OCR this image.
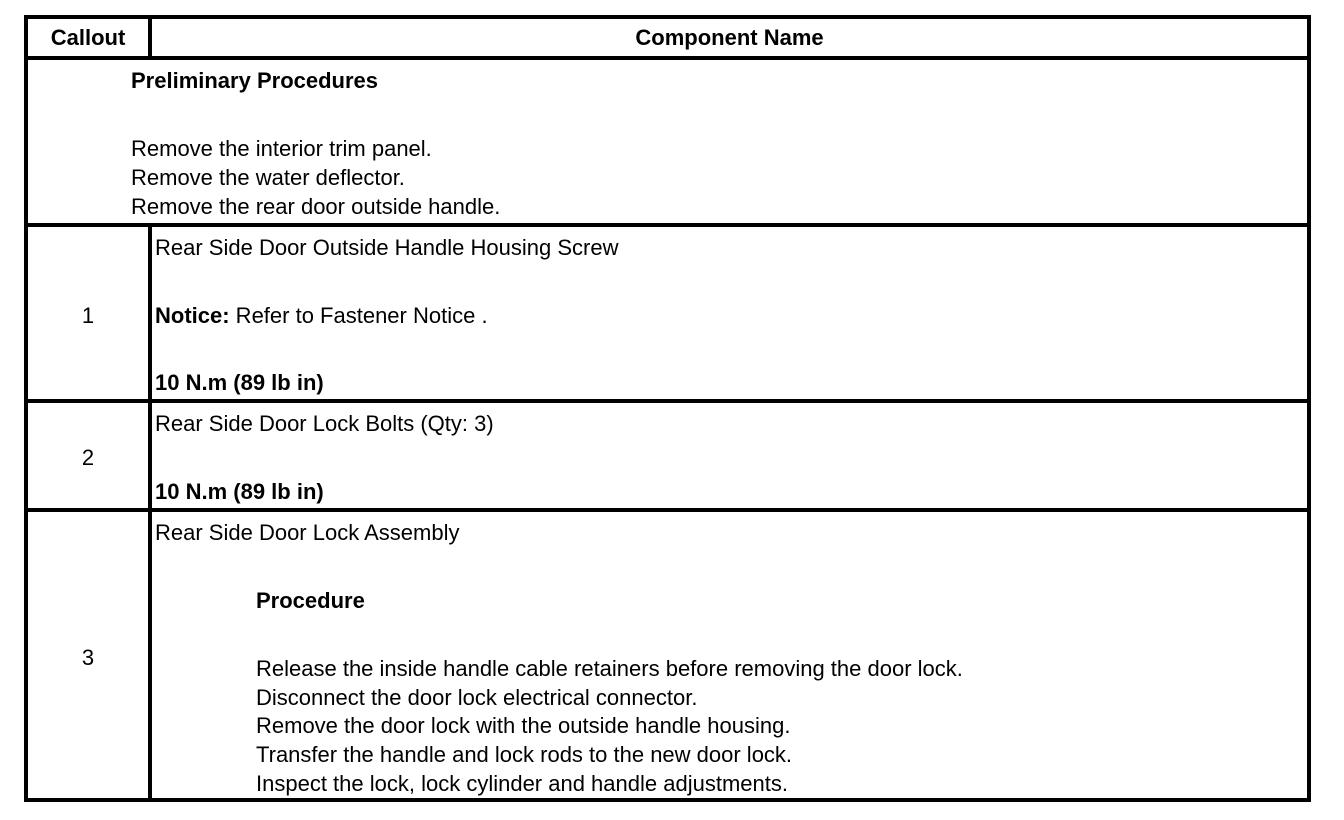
Callout	Component Name
Preliminary Procedures
Remove the interior trim panel.
Remove the water deflector.
Remove the rear door outside handle.
1
Rear Side Door Outside Handle Housing Screw
Notice: Refer to Fastener Notice .
10 N.m (89 lb in)
2
Rear Side Door Lock Bolts (Qty: 3)
10 N.m (89 lb in)
3
Rear Side Door Lock Assembly
Procedure
Release the inside handle cable retainers before removing the door lock.
Disconnect the door lock electrical connector.
Remove the door lock with the outside handle housing.
Transfer the handle and lock rods to the new door lock.
Inspect the lock, lock cylinder and handle adjustments.
